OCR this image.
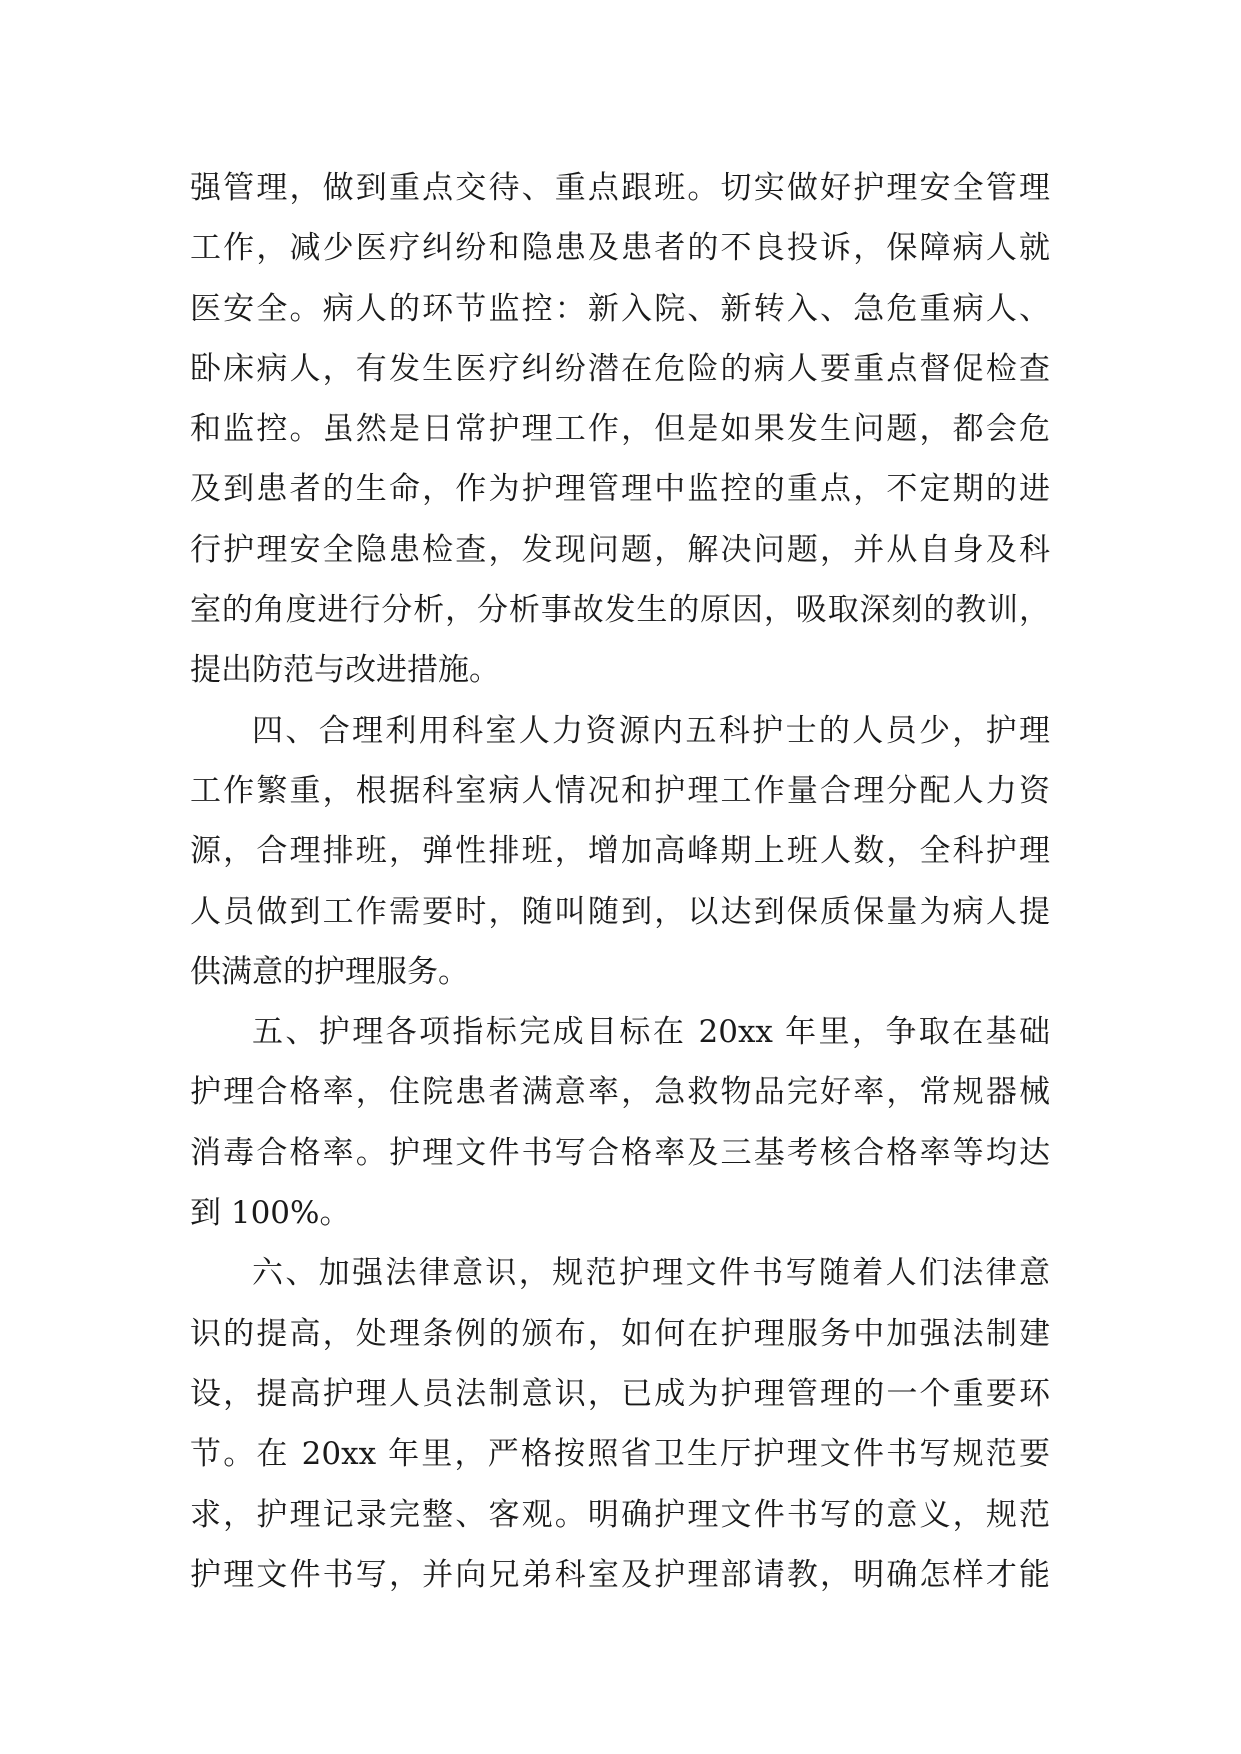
强管理，做到重点交待、重点跟班。切实做好护理安全管理
工作，减少医疗纠纷和隐患及患者的不良投诉，保障病人就
医安全。病人的环节监控：新入院、新转入、急危重病人、
卧床病人，有发生医疗纠纷潜在危险的病人要重点督促检查
和监控。虽然是日常护理工作，但是如果发生问题，都会危
及到患者的生命，作为护理管理中监控的重点，不定期的进
行护理安全隐患检查，发现问题，解决问题，并从自身及科
室的角度进行分析，分析事故发生的原因，吸取深刻的教训，
提出防范与改进措施。
四、合理利用科室人力资源内五科护士的人员少，护理
工作繁重，根据科室病人情况和护理工作量合理分配人力资
源，合理排班，弹性排班，增加高峰期上班人数，全科护理
人员做到工作需要时，随叫随到，以达到保质保量为病人提
供满意的护理服务。
五、护理各项指标完成目标在 20xx 年里，争取在基础
护理合格率，住院患者满意率，急救物品完好率，常规器械
消毒合格率。护理文件书写合格率及三基考核合格率等均达
到 100%。
六、加强法律意识，规范护理文件书写随着人们法律意
识的提高，处理条例的颁布，如何在护理服务中加强法制建
设，提高护理人员法制意识，已成为护理管理的一个重要环
节。在 20xx 年里，严格按照省卫生厅护理文件书写规范要
求，护理记录完整、客观。明确护理文件书写的意义，规范
护理文件书写，并向兄弟科室及护理部请教，明确怎样才能
